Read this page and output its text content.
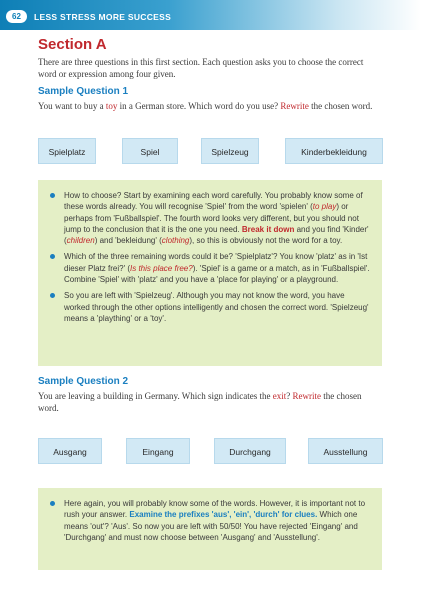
62	LESS STRESS MORE SUCCESS
Section A
There are three questions in this first section. Each question asks you to choose the correct word or expression among four given.
Sample Question 1
You want to buy a toy in a German store. Which word do you use? Rewrite the chosen word.
Spielplatz	Spiel	Spielzeug	Kinderbekleidung
How to choose? Start by examining each word carefully. You probably know some of these words already. You will recognise 'Spiel' from the word 'spielen' (to play) or perhaps from 'Fußballspiel'. The fourth word looks very different, but you should not jump to the conclusion that it is the one you need. Break it down and you find 'Kinder' (children) and 'bekleidung' (clothing), so this is obviously not the word for a toy.
Which of the three remaining words could it be? 'Spielplatz'? You know 'platz' as in 'Ist dieser Platz frei?' (Is this place free?). 'Spiel' is a game or a match, as in 'Fußballspiel'. Combine 'Spiel' with 'platz' and you have a 'place for playing' or a playground.
So you are left with 'Spielzeug'. Although you may not know the word, you have worked through the other options intelligently and chosen the correct word. 'Spielzeug' means a 'plaything' or a 'toy'.
Sample Question 2
You are leaving a building in Germany. Which sign indicates the exit? Rewrite the chosen word.
Ausgang	Eingang	Durchgang	Ausstellung
Here again, you will probably know some of the words. However, it is important not to rush your answer. Examine the prefixes 'aus', 'ein', 'durch' for clues. Which one means 'out'? 'Aus'. So now you are left with 50/50! You have rejected 'Eingang' and 'Durchgang' and must now choose between 'Ausgang' and 'Ausstellung'.
